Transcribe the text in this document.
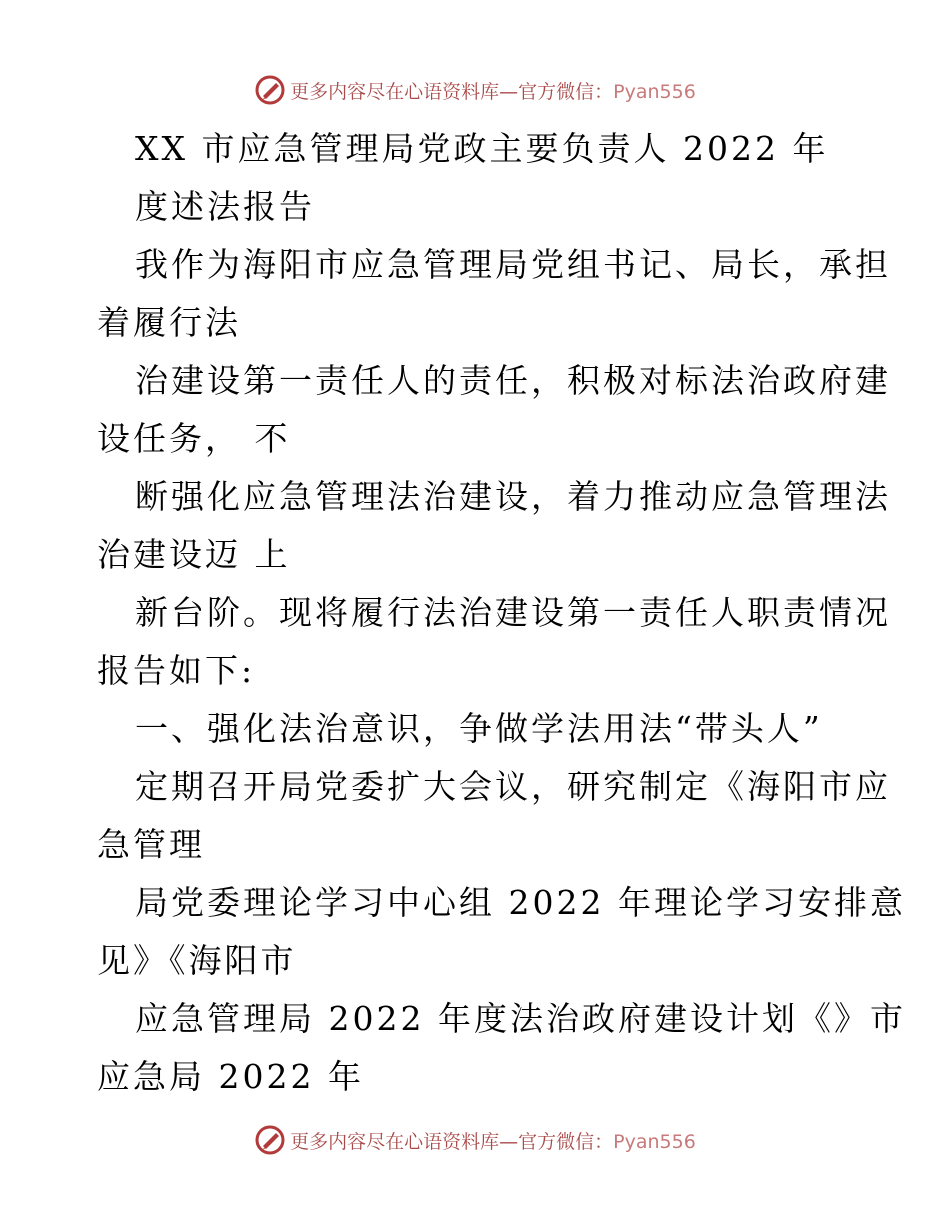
更多内容尽在心语资料库—官方微信：Pyan556
XX 市应急管理局党政主要负责人 2022 年
度述法报告
我作为海阳市应急管理局党组书记、局长，承担
着履行法
治建设第一责任人的责任，积极对标法治政府建
设任务， 不
断强化应急管理法治建设，着力推动应急管理法
治建设迈 上
新台阶。现将履行法治建设第一责任人职责情况
报告如下:
一、强化法治意识，争做学法用法“带头人”
定期召开局党委扩大会议，研究制定《海阳市应
急管理
局党委理论学习中心组 2022 年理论学习安排意
见》《海阳市
应急管理局 2022 年度法治政府建设计划《》市
应急局 2022 年
更多内容尽在心语资料库—官方微信：Pyan556
